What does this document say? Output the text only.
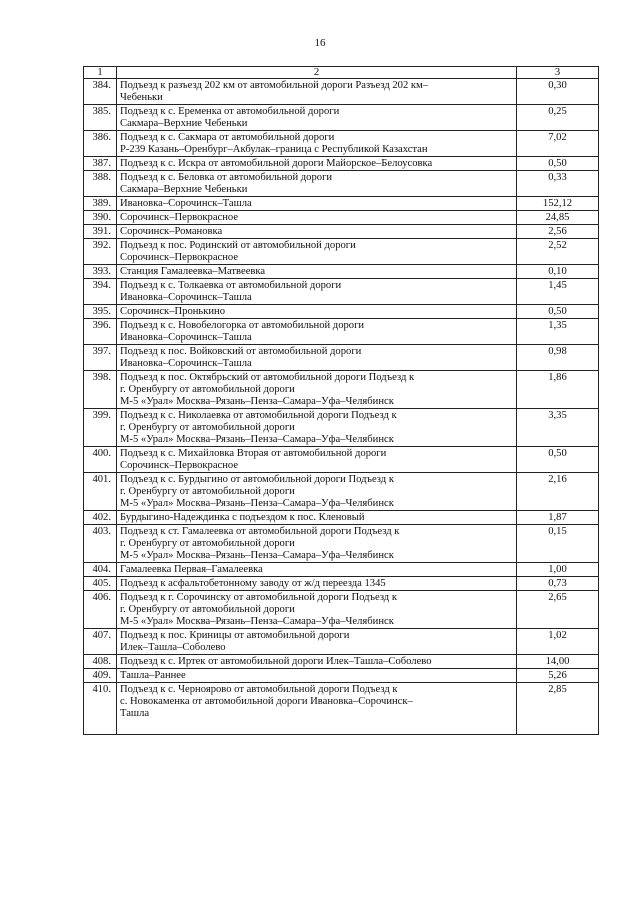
16
1	2	3
384.	Подъезд к разъезд 202 км от автомобильной дороги Разъезд 202 км–
Чебеньки	0,30
385.	Подъезд к с. Еременка от автомобильной дороги
Сакмара–Верхние Чебеньки	0,25
386.	Подъезд к с. Сакмара от автомобильной дороги
Р-239 Казань–Оренбург–Акбулак–граница с Республикой Казахстан	7,02
387.	Подъезд к с. Искра от автомобильной дороги Майорское–Белоусовка	0,50
388.	Подъезд к с. Беловка от автомобильной дороги
Сакмара–Верхние Чебеньки	0,33
389.	Ивановка–Сорочинск–Ташла	152,12
390.	Сорочинск–Первокрасное	24,85
391.	Сорочинск–Романовка	2,56
392.	Подъезд к пос. Родинский от автомобильной дороги
Сорочинск–Первокрасное	2,52
393.	Станция Гамалеевка–Матвеевка	0,10
394.	Подъезд к с. Толкаевка от автомобильной дороги
Ивановка–Сорочинск–Ташла	1,45
395.	Сорочинск–Пронькино	0,50
396.	Подъезд к с. Новобелогорка от автомобильной дороги
Ивановка–Сорочинск–Ташла	1,35
397.	Подъезд к пос. Войковский от автомобильной дороги
Ивановка–Сорочинск–Ташла	0,98
398.	Подъезд к пос. Октябрьский от автомобильной дороги Подъезд к
г. Оренбургу от автомобильной дороги
М-5 «Урал» Москва–Рязань–Пенза–Самара–Уфа–Челябинск	1,86
399.	Подъезд к с. Николаевка от автомобильной дороги Подъезд к
г. Оренбургу от автомобильной дороги
М-5 «Урал» Москва–Рязань–Пенза–Самара–Уфа–Челябинск	3,35
400.	Подъезд к с. Михайловка Вторая от автомобильной дороги
Сорочинск–Первокрасное	0,50
401.	Подъезд к с. Бурдыгино от автомобильной дороги Подъезд к
г. Оренбургу от автомобильной дороги
М-5 «Урал» Москва–Рязань–Пенза–Самара–Уфа–Челябинск	2,16
402.	Бурдыгино-Надеждинка с подъездом к пос. Кленовый	1,87
403.	Подъезд к ст. Гамалеевка от автомобильной дороги Подъезд к
г. Оренбургу от автомобильной дороги
М-5 «Урал» Москва–Рязань–Пенза–Самара–Уфа–Челябинск	0,15
404.	Гамалеевка Первая–Гамалеевка	1,00
405.	Подъезд к асфальтобетонному заводу от ж/д переезда 1345	0,73
406.	Подъезд к г. Сорочинску от автомобильной дороги Подъезд к
г. Оренбургу от автомобильной дороги
М-5 «Урал» Москва–Рязань–Пенза–Самара–Уфа–Челябинск	2,65
407.	Подъезд к пос. Криницы от автомобильной дороги
Илек–Ташла–Соболево	1,02
408.	Подъезд к с. Иртек от автомобильной дороги Илек–Ташла–Соболево	14,00
409.	Ташла–Раннее	5,26
410.	Подъезд к с. Черноярово от автомобильной дороги Подъезд к
с. Новокаменка от автомобильной дороги Ивановка–Сорочинск–
Ташла	2,85
